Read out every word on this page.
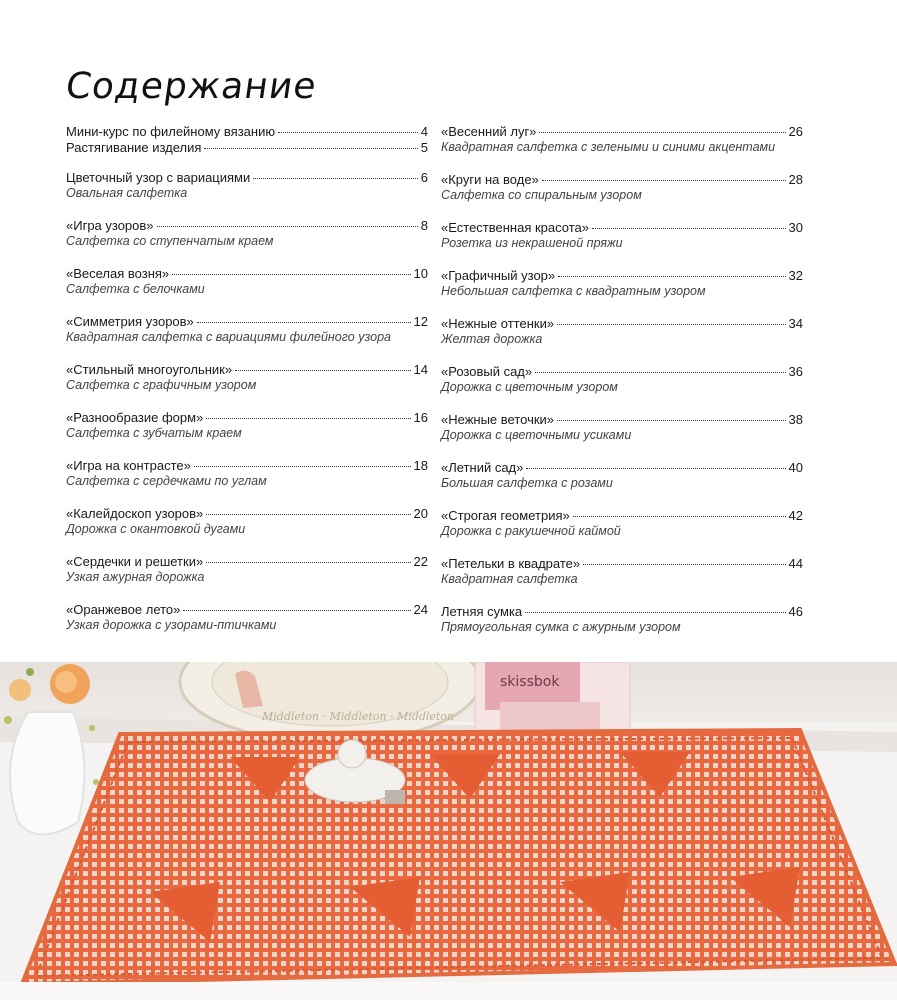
Содержание
Мини-курс по филейному вязанию	4
Растягивание изделия	5
Цветочный узор с вариациями	6
Овальная салфетка
«Игра узоров»	8
Салфетка со ступенчатым краем
«Веселая возня»	10
Салфетка с белочками
«Симметрия узоров»	12
Квадратная салфетка с вариациями филейного узора
«Стильный многоугольник»	14
Салфетка с графичным узором
«Разнообразие форм»	16
Салфетка с зубчатым краем
«Игра на контрасте»	18
Салфетка с сердечками по углам
«Калейдоскоп узоров»	20
Дорожка с окантовкой дугами
«Сердечки и решетки»	22
Узкая ажурная дорожка
«Оранжевое лето»	24
Узкая дорожка с узорами-птичками
«Весенний луг»	26
Квадратная салфетка с зелеными и синими акцентами
«Круги на воде»	28
Салфетка со спиральным узором
«Естественная красота»	30
Розетка из некрашеной пряжи
«Графичный узор»	32
Небольшая салфетка с квадратным узором
«Нежные оттенки»	34
Желтая дорожка
«Розовый сад»	36
Дорожка с цветочным узором
«Нежные веточки»	38
Дорожка с цветочными усиками
«Летний сад»	40
Большая салфетка с розами
«Строгая геометрия»	42
Дорожка с ракушечной каймой
«Петельки в квадрате»	44
Квадратная салфетка
Летняя сумка	46
Прямоугольная сумка с ажурным узором
Middleton · Middleton · Middleton
skissbok
